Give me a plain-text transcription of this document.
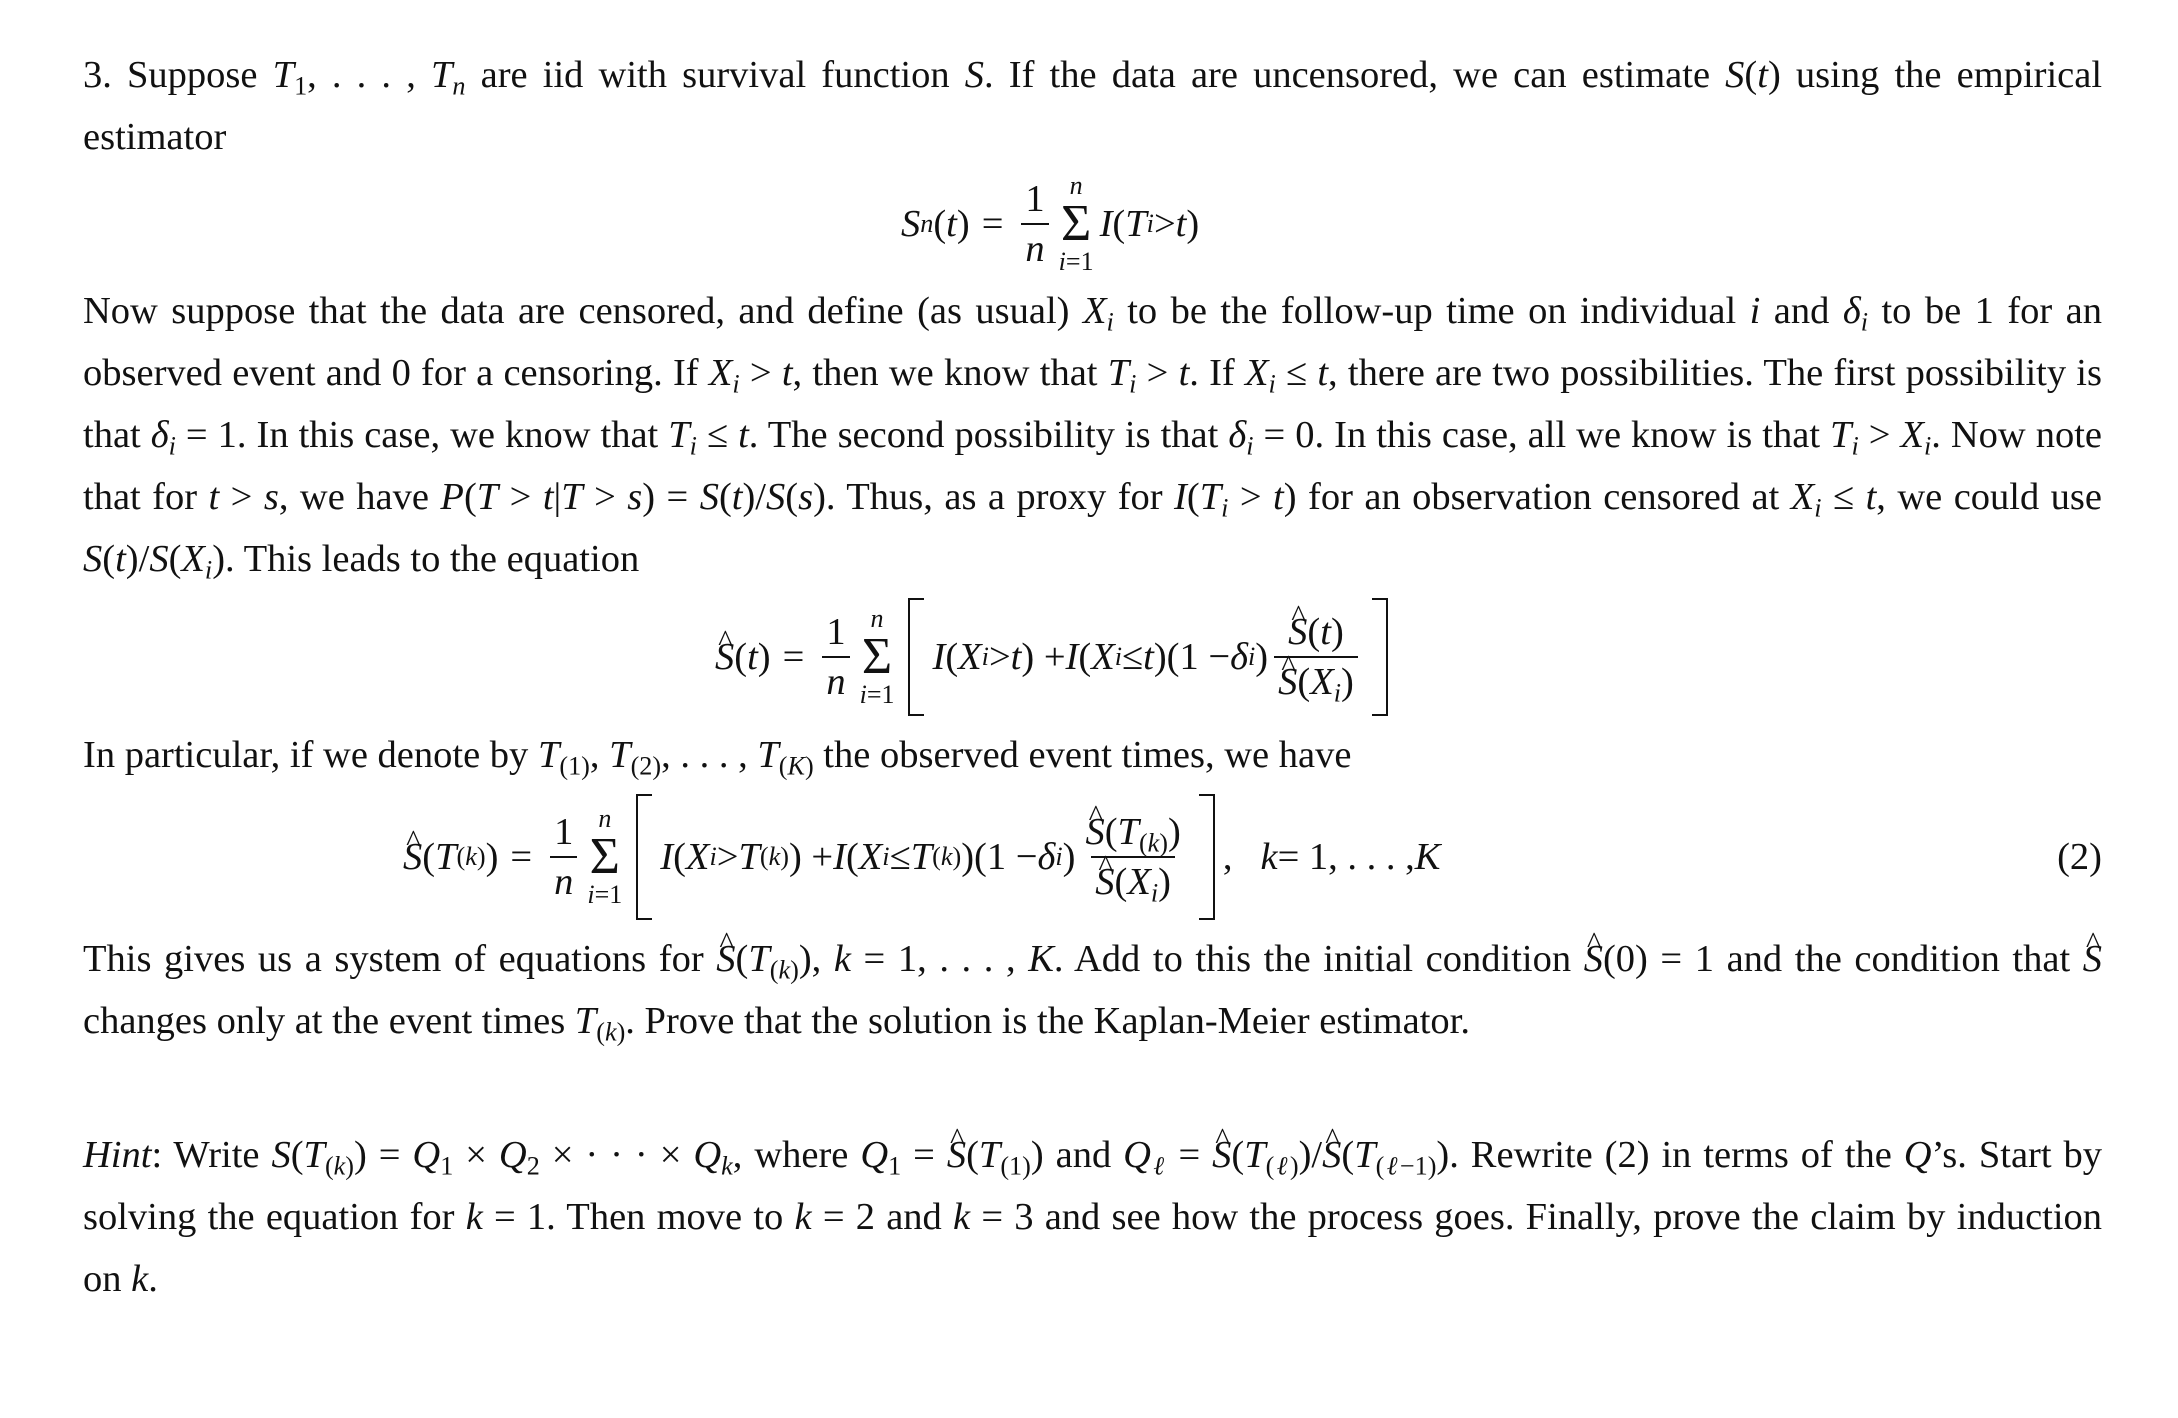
3. Suppose $T_1$, . . . , $T_n$ are iid with survival function S. If the data are uncensored, we can estimate S(t) using the empirical estimator

S n ( t ) = $\frac{1}{n}$ n
Σ
i=1
I ( T i > t )

Now suppose that the data are censored, and define (as usual) $X_i$ to be the follow-up time on individual i and $\delta_i$ to be 1 for an observed event and 0 for a censoring. If $X_i > t$, then we know that $T_i > t$. If $X_i \le t$, there are two possibilities. The first possibility is that $\delta_i = 1$. In this case, we know that $T_i \le t$. The second possibility is that $\delta_i = 0$. In this case, all we know is that $T_i > X_i$. Now note that for t > s, we have P(T > t|T > s) = S(t)/S(s). Thus, as a proxy for $I(T_i > t)$ for an observation censored at $X_i \le t$, we could use $S(t)/S(X_i)$. This leads to the equation

^ S ( t ) = $\frac{1}{n}$ n
Σ
i=1
I ( X i > t ) + I ( X i ≤ t )(1 − δ i ) ^ S(t)
^ $S(X_i)$

In particular, if we denote by $T_{(1)}$, $T_{(2)}$, . . . , $T_{(K)}$ the observed event times, we have

^ S ( T (k) ) = $\frac{1}{n}$ n
Σ
i=1
I ( X i > T (k) ) + I ( X i ≤ T (k) )(1 − δ i ) ^ $S(T_{(k)})$
^ $S(X_i)$ , k = 1, . . . , K	(2)

This gives us a system of equations for ^ $S(T_{(k)})$, k = 1, . . . , K. Add to this the initial condition ^ S(0) = 1 and the condition that ^ S changes only at the event times $T_{(k)}$. Prove that the solution is the Kaplan-Meier estimator.

Hint: Write $S(T_{(k)}) = Q_1 \times Q_2$ × · · · × $Q_k$, where $Q_1$ = ^ $S(T_{(1)})$ and $Q_\ell$ = ^ $S(T_{(\ell)})/\^{}$ $S(T_{(\ell-1)})$. Rewrite (2) in terms of the Q’s. Start by solving the equation for k = 1. Then move to k = 2 and k = 3 and see how the process goes. Finally, prove the claim by induction on k.
